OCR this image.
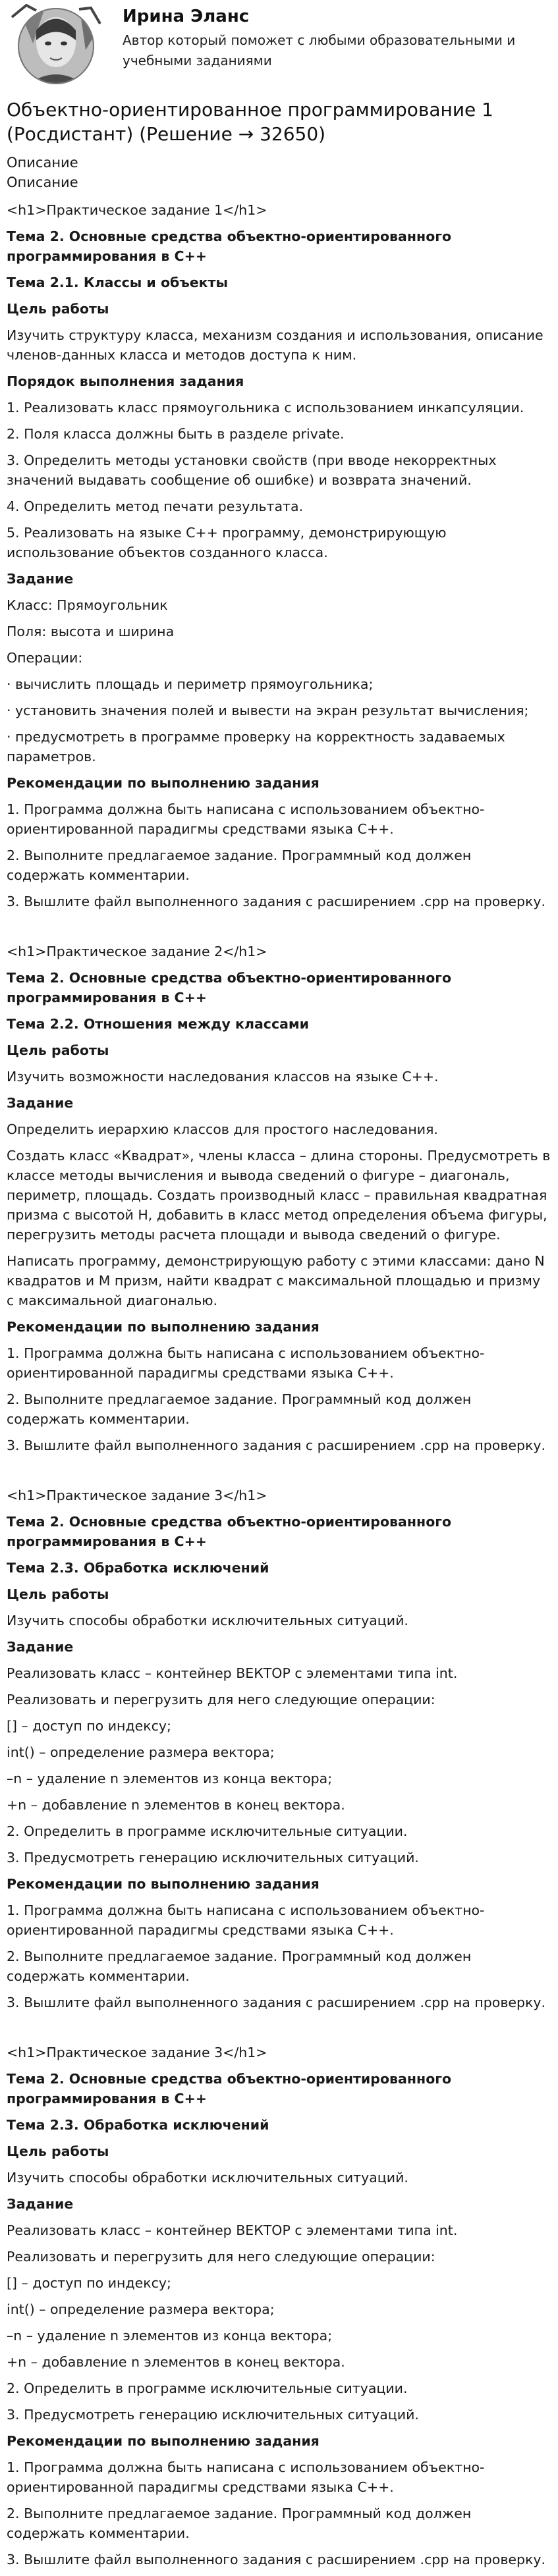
Ирина Эланс
Автор который поможет с любыми образовательными и учебными заданиями
Объектно-ориентированное программирование 1 (Росдистант) (Решение → 32650)
Описание
Описание

<h1>Практическое задание 1</h1>

Тема 2. Основные средства объектно-ориентированного программирования в С++

Тема 2.1. Классы и объекты

Цель работы

Изучить структуру класса, механизм создания и использования, описание членов-данных класса и методов доступа к ним.

Порядок выполнения задания

1. Реализовать класс прямоугольника с использованием инкапсуляции.

2. Поля класса должны быть в разделе private.

3. Определить методы установки свойств (при вводе некорректных значений выдавать сообщение об ошибке) и возврата значений.

4. Определить метод печати результата.

5. Реализовать на языке С++ программу, демонстрирующую использование объектов созданного класса.

Задание

Класс: Прямоугольник

Поля: высота и ширина

Операции:

· вычислить площадь и периметр прямоугольника;

· установить значения полей и вывести на экран результат вычисления;

· предусмотреть в программе проверку на корректность задаваемых параметров.

Рекомендации по выполнению задания

1. Программа должна быть написана с использованием объектно-ориентированной парадигмы средствами языка С++.

2. Выполните предлагаемое задание. Программный код должен содержать комментарии.

3. Вышлите файл выполненного задания с расширением .срр на проверку.

<h1>Практическое задание 2</h1>

Тема 2. Основные средства объектно-ориентированного программирования в С++

Тема 2.2. Отношения между классами

Цель работы

Изучить возможности наследования классов на языке С++.

Задание

Определить иерархию классов для простого наследования.

Создать класс «Квадрат», члены класса – длина стороны. Предусмотреть в классе методы вычисления и вывода сведений о фигуре – диагональ, периметр, площадь. Создать производный класс – правильная квадратная призма с высотой H, добавить в класс метод определения объема фигуры, перегрузить методы расчета площади и вывода сведений о фигуре.

Написать программу, демонстрирующую работу с этими классами: дано N квадратов и M призм, найти квадрат с максимальной площадью и призму с максимальной диагональю.

Рекомендации по выполнению задания

1. Программа должна быть написана с использованием объектно-ориентированной парадигмы средствами языка С++.

2. Выполните предлагаемое задание. Программный код должен содержать комментарии.

3. Вышлите файл выполненного задания с расширением .срр на проверку.

<h1>Практическое задание 3</h1>

Тема 2. Основные средства объектно-ориентированного программирования в С++

Тема 2.3. Обработка исключений

Цель работы

Изучить способы обработки исключительных ситуаций.

Задание

Реализовать класс – контейнер ВЕКТОР с элементами типа int.

Реализовать и перегрузить для него следующие операции:

[] – доступ по индексу;

int() – определение размера вектора;

–n – удаление n элементов из конца вектора;

+n – добавление n элементов в конец вектора.

2. Определить в программе исключительные ситуации.

3. Предусмотреть генерацию исключительных ситуаций.

Рекомендации по выполнению задания

1. Программа должна быть написана с использованием объектно-ориентированной парадигмы средствами языка С++.

2. Выполните предлагаемое задание. Программный код должен содержать комментарии.

3. Вышлите файл выполненного задания с расширением .срр на проверку.

<h1>Практическое задание 3</h1>

Тема 2. Основные средства объектно-ориентированного программирования в С++

Тема 2.3. Обработка исключений

Цель работы

Изучить способы обработки исключительных ситуаций.

Задание

Реализовать класс – контейнер ВЕКТОР с элементами типа int.

Реализовать и перегрузить для него следующие операции:

[] – доступ по индексу;

int() – определение размера вектора;

–n – удаление n элементов из конца вектора;

+n – добавление n элементов в конец вектора.

2. Определить в программе исключительные ситуации.

3. Предусмотреть генерацию исключительных ситуаций.

Рекомендации по выполнению задания

1. Программа должна быть написана с использованием объектно-ориентированной парадигмы средствами языка С++.

2. Выполните предлагаемое задание. Программный код должен содержать комментарии.

3. Вышлите файл выполненного задания с расширением .срр на проверку.
